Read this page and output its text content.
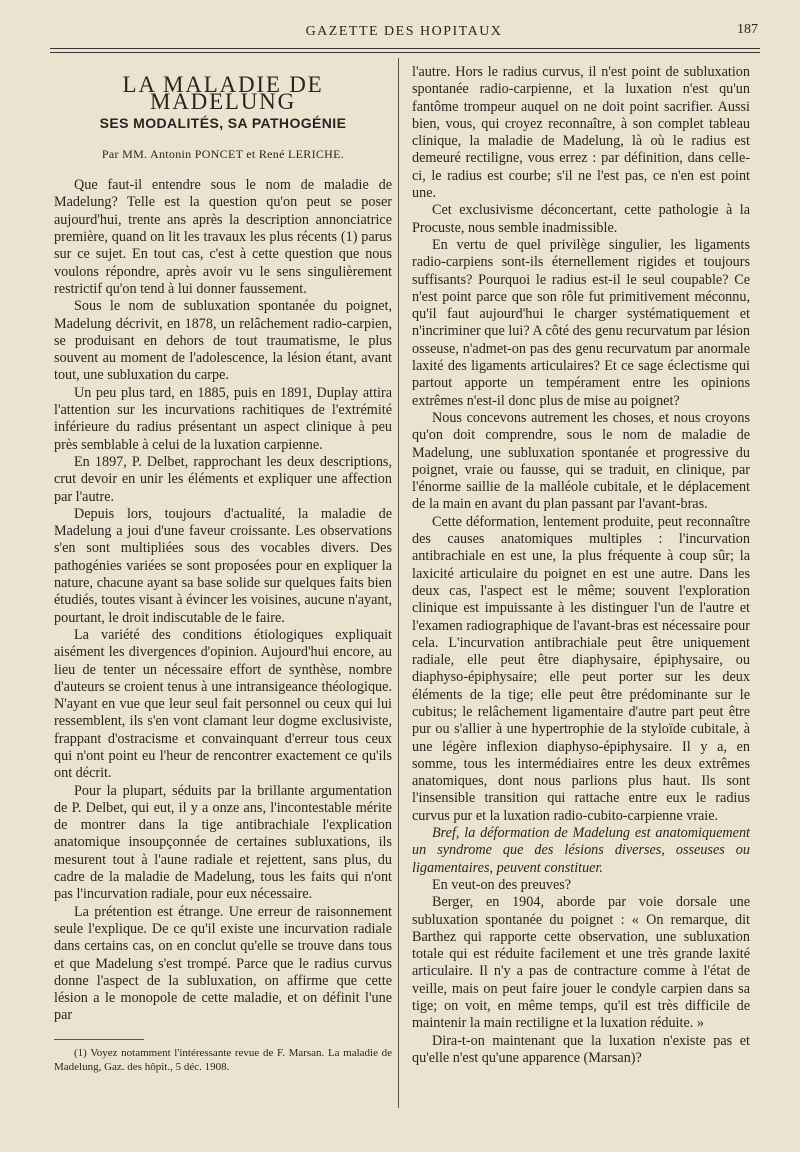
GAZETTE DES HOPITAUX	187
LA MALADIE DE MADELUNG
SES MODALITÉS, SA PATHOGÉNIE
Par MM. Antonin PONCET et René LERICHE.

Que faut-il entendre sous le nom de maladie de Madelung? Telle est la question qu'on peut se poser aujourd'hui, trente ans après la description annonciatrice première, quand on lit les travaux les plus récents (1) parus sur ce sujet. En tout cas, c'est à cette question que nous voulons répondre, après avoir vu le sens singulièrement restrictif qu'on tend à lui donner faussement.

Sous le nom de subluxation spontanée du poignet, Madelung décrivit, en 1878, un relâchement radio-carpien, se produisant en dehors de tout traumatisme, le plus souvent au moment de l'adolescence, la lésion étant, avant tout, une subluxation du carpe.

Un peu plus tard, en 1885, puis en 1891, Duplay attira l'attention sur les incurvations rachitiques de l'extrémité inférieure du radius présentant un aspect clinique à peu près semblable à celui de la luxation carpienne.

En 1897, P. Delbet, rapprochant les deux descriptions, crut devoir en unir les éléments et expliquer une affection par l'autre.

Depuis lors, toujours d'actualité, la maladie de Madelung a joui d'une faveur croissante. Les observations s'en sont multipliées sous des vocables divers. Des pathogénies variées se sont proposées pour en expliquer la nature, chacune ayant sa base solide sur quelques faits bien étudiés, toutes visant à évincer les voisines, aucune n'ayant, pourtant, le droit indiscutable de le faire.

La variété des conditions étiologiques expliquait aisément les divergences d'opinion. Aujourd'hui encore, au lieu de tenter un nécessaire effort de synthèse, nombre d'auteurs se croient tenus à une intransigeance théologique. N'ayant en vue que leur seul fait personnel ou ceux qui lui ressemblent, ils s'en vont clamant leur dogme exclusiviste, frappant d'ostracisme et convainquant d'erreur tous ceux qui n'ont point eu l'heur de rencontrer exactement ce qu'ils ont décrit.

Pour la plupart, séduits par la brillante argumentation de P. Delbet, qui eut, il y a onze ans, l'incontestable mérite de montrer dans la tige antibrachiale l'explication anatomique insoupçonnée de certaines subluxations, ils mesurent tout à l'aune radiale et rejettent, sans plus, du cadre de la maladie de Madelung, tous les faits qui n'ont pas l'incurvation radiale, pour eux nécessaire.

La prétention est étrange. Une erreur de raisonnement seule l'explique. De ce qu'il existe une incurvation radiale dans certains cas, on en conclut qu'elle se trouve dans tous et que Madelung s'est trompé. Parce que le radius curvus donne l'aspect de la subluxation, on affirme que cette lésion a le monopole de cette maladie, et on définit l'une par

(1) Voyez notamment l'intéressante revue de F. Marsan. La maladie de Madelung, Gaz. des hôpit., 5 déc. 1908.

l'autre. Hors le radius curvus, il n'est point de subluxation spontanée radio-carpienne, et la luxation n'est qu'un fantôme trompeur auquel on ne doit point sacrifier. Aussi bien, vous, qui croyez reconnaître, à son complet tableau clinique, la maladie de Madelung, là où le radius est demeuré rectiligne, vous errez : par définition, dans celle-ci, le radius est courbe; s'il ne l'est pas, ce n'en est point une.

Cet exclusivisme déconcertant, cette pathologie à la Procuste, nous semble inadmissible.

En vertu de quel privilège singulier, les ligaments radio-carpiens sont-ils éternellement rigides et toujours suffisants? Pourquoi le radius est-il le seul coupable? Ce n'est point parce que son rôle fut primitivement méconnu, qu'il faut aujourd'hui le charger systématiquement et n'incriminer que lui? A côté des genu recurvatum par lésion osseuse, n'admet-on pas des genu recurvatum par anormale laxité des ligaments articulaires? Et ce sage éclectisme qui partout apporte un tempérament entre les opinions extrêmes n'est-il donc plus de mise au poignet?

Nous concevons autrement les choses, et nous croyons qu'on doit comprendre, sous le nom de maladie de Madelung, une subluxation spontanée et progressive du poignet, vraie ou fausse, qui se traduit, en clinique, par l'énorme saillie de la malléole cubitale, et le déplacement de la main en avant du plan passant par l'avant-bras.

Cette déformation, lentement produite, peut reconnaître des causes anatomiques multiples : l'incurvation antibrachiale en est une, la plus fréquente à coup sûr; la laxicité articulaire du poignet en est une autre. Dans les deux cas, l'aspect est le même; souvent l'exploration clinique est impuissante à les distinguer l'un de l'autre et l'examen radiographique de l'avant-bras est nécessaire pour cela. L'incurvation antibrachiale peut être uniquement radiale, elle peut être diaphysaire, épiphysaire, ou diaphyso-épiphysaire; elle peut porter sur les deux éléments de la tige; elle peut être prédominante sur le cubitus; le relâchement ligamentaire d'autre part peut être pur ou s'allier à une hypertrophie de la styloïde cubitale, à une légère inflexion diaphyso-épiphysaire. Il y a, en somme, tous les intermédiaires entre les deux extrêmes anatomiques, dont nous parlions plus haut. Ils sont l'insensible transition qui rattache entre eux le radius curvus pur et la luxation radio-cubito-carpienne vraie.

Bref, la déformation de Madelung est anatomiquement un syndrome que des lésions diverses, osseuses ou ligamentaires, peuvent constituer.

En veut-on des preuves?

Berger, en 1904, aborde par voie dorsale une subluxation spontanée du poignet : « On remarque, dit Barthez qui rapporte cette observation, une subluxation totale qui est réduite facilement et une très grande laxité articulaire. Il n'y a pas de contracture comme à l'état de veille, mais on peut faire jouer le condyle carpien dans sa tige; on voit, en même temps, qu'il est très difficile de maintenir la main rectiligne et la luxation réduite. »

Dira-t-on maintenant que la luxation n'existe pas et qu'elle n'est qu'une apparence (Marsan)?
